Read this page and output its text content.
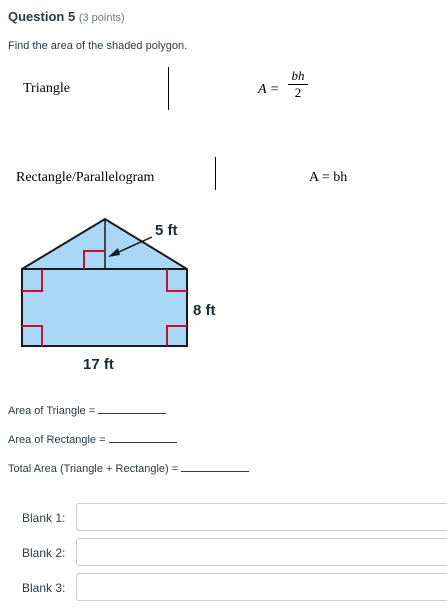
Question 5 (3 points)
Find the area of the shaded polygon.
Triangle	A =
bh
2
Rectangle/Parallelogram	A = bh
5 ft
8 ft
17 ft
Area of Triangle =
Area of Rectangle =
Total Area (Triangle + Rectangle) =
Blank 1:
Blank 2:
Blank 3:
